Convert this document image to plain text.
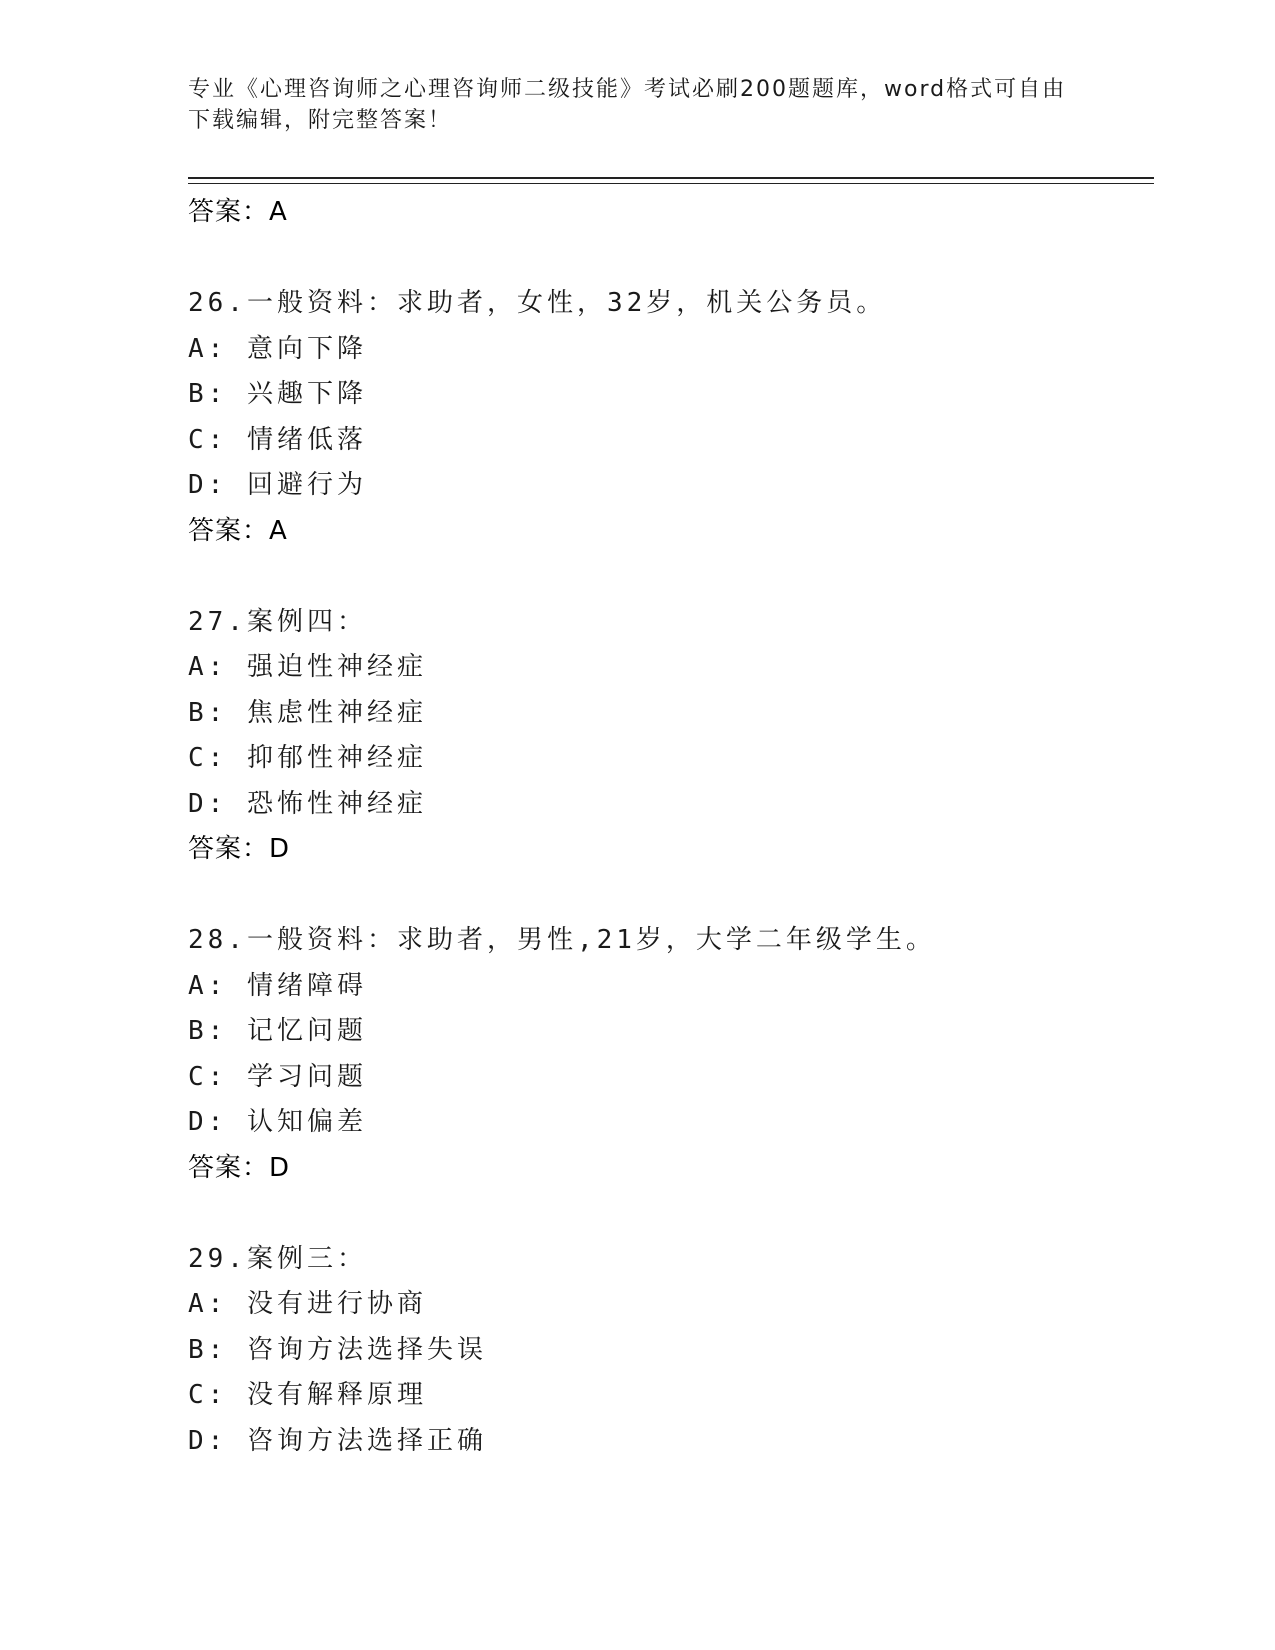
专业《心理咨询师之心理咨询师二级技能》考试必刷200题题库，word格式可自由下载编辑，附完整答案！
答案：A
26.一般资料：求助者，女性，32岁，机关公务员。
A: 意向下降
B: 兴趣下降
C: 情绪低落
D: 回避行为
答案：A
27.案例四：
A: 强迫性神经症
B: 焦虑性神经症
C: 抑郁性神经症
D: 恐怖性神经症
答案：D
28.一般资料：求助者，男性,21岁，大学二年级学生。
A: 情绪障碍
B: 记忆问题
C: 学习问题
D: 认知偏差
答案：D
29.案例三：
A: 没有进行协商
B: 咨询方法选择失误
C: 没有解释原理
D: 咨询方法选择正确
